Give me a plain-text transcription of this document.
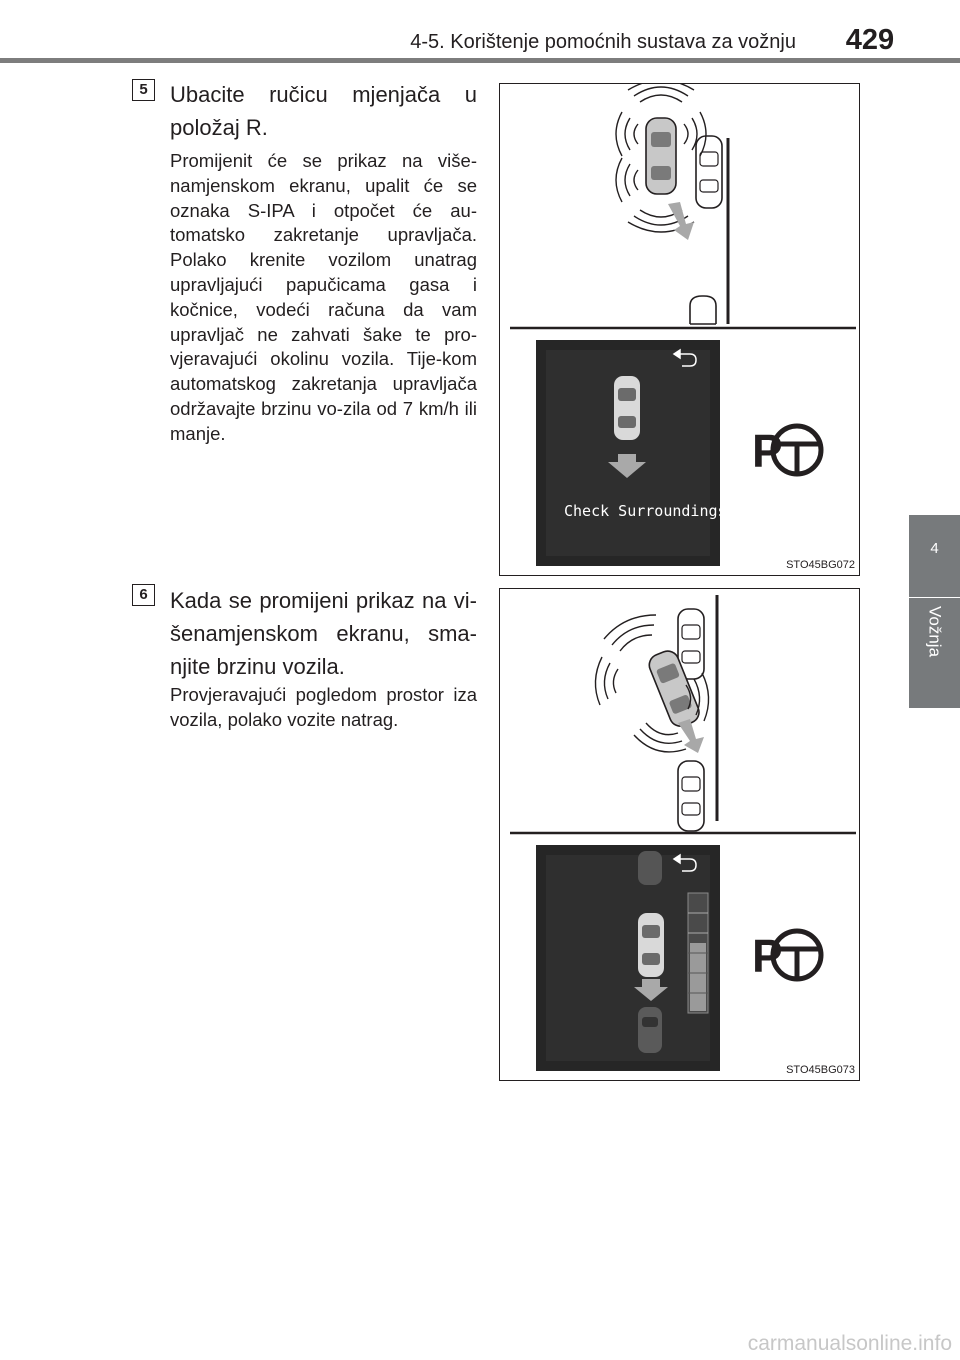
4-5. Korištenje pomoćnih sustava za vožnju 429
4
Vožnja
5	Ubacite ručicu mjenjača u položaj R.
Promijenit će se prikaz na više-namjenskom ekranu, upalit će se oznaka S-IPA i otpočet će au-tomatsko zakretanje upravljača. Polako krenite vozilom unatrag upravljajući papučicama gasa i kočnice, vodeći računa da vam upravljač ne zahvati šake te pro-vjeravajući okolinu vozila. Tije-kom automatskog zakretanja upravljača održavajte brzinu vo-zila od 7 km/h ili manje.	P
Check Surroundings
STO45BG072
6	Kada se promijeni prikaz na vi-šenamjenskom ekranu, sma-njite brzinu vozila.
Provjeravajući pogledom prostor iza vozila, polako vozite natrag.
P
STO45BG073
carmanualsonline.info
